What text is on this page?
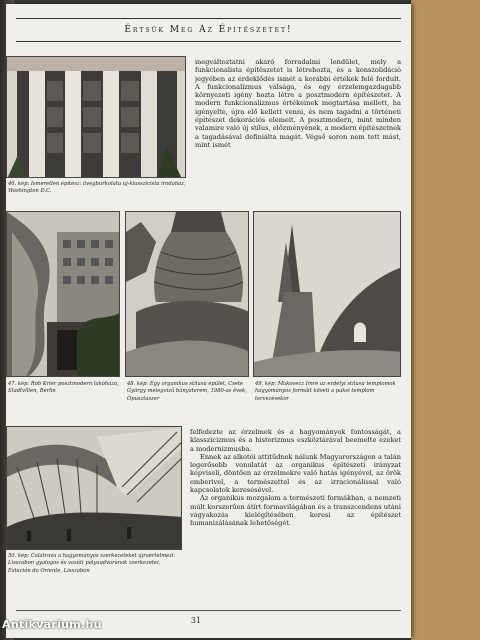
Értsük Meg Az Építészetet!
46. kép: Ismeretlen építész: üvegburkolatú új-klasszicista irodaház, Washington D.C.

megváltoztatni akaró forradalmi lendület, mely a funkcionalista építészetet is létrehozta, és a konszolidáció jegyében az érdeklődés ismét a korábbi értékek felé fordult. A funkcionalizmus válsága, és egy érzelemgazdagabb környezeti igény hozta létre a posztmodern építészetet. A modern funkcionalizmus értékeinek megtartása mellett, ha igényelte, újra elő kellett venni, és nem tagadni a történeti építészet dekorációs elemeit. A posztmodern, mint minden valamire való új stílus, előzményének, a modern építészetnek a tagadásával definiálta magát. Végső soron nem tett mást, mint ismét

47. kép: Rob Krier posztmodern lakóháza, Stadtvillen, Berlin
48. kép: Egy organikus stílusú épület, Csete György melegvízű bányaterem, 1980-as évek, Ópusztaszer
49. kép: Makovecz Imre az erdélyi stílusú templomok hagyományos formáit követi a paksi templom tervezésekor
50. kép: Calatrava a hagyományos szerkezeteket újraértelmezi: Lisszabon gyalogos és vasúti pályaudvarának szerkezetei, Estación do Oriente, Lisszabon

felfedezte az érzelmek és a hagyományok fontosságát, a klasszicizmus és a historizmus eszköztárával beemelte ezeket a modernizmusba.

Ennek az alkotói attitűdnek nálunk Magyarországon a talán legerősebb vonulatát az organikus építészeti irányzat képviseli, döntően az érzelmekre való hatás igényével, az örök emberivel, a természettel és az irracionálissal való kapcsolatok keresésével.

Az organikus mozgalom a természeti formákban, a nemzeti múlt korszerűen átírt formavilágában és a transzcendens utáni vágyakozás kielégítésében keresi az építészet humanizálásának lehetőségét.

31
Antikvarium.hu
